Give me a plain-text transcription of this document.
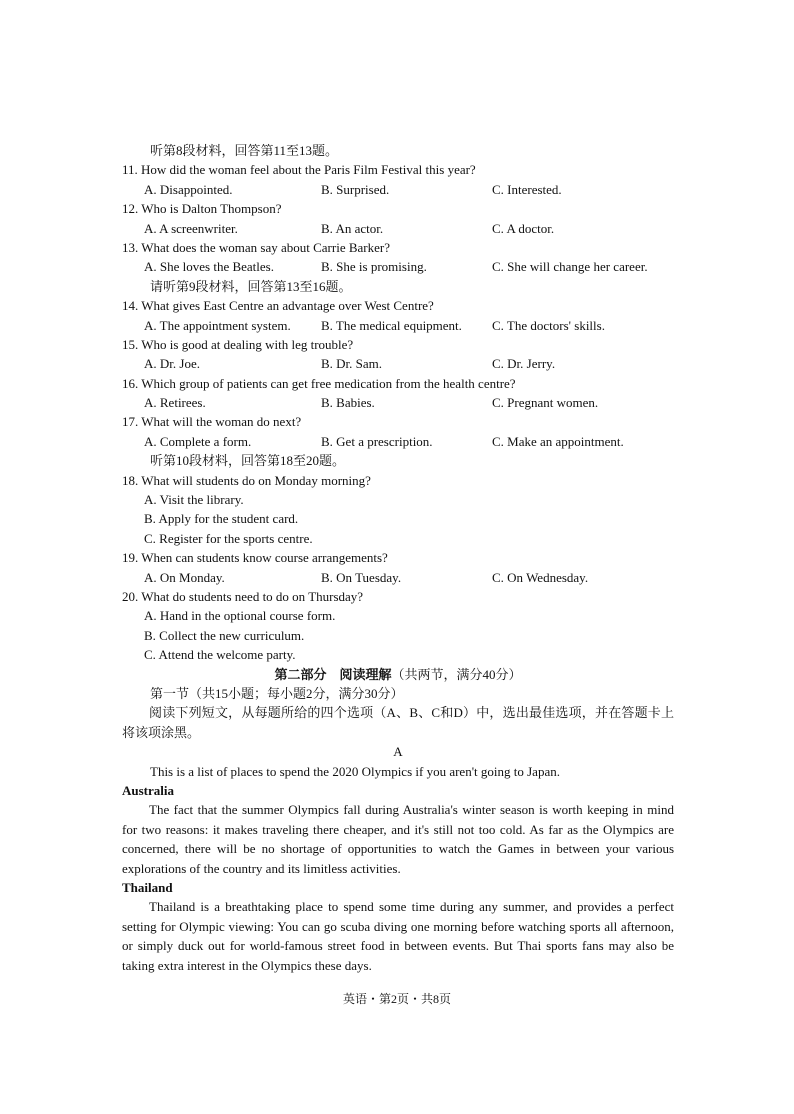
听第8段材料，回答第11至13题。
11. How did the woman feel about the Paris Film Festival this year?
A. Disappointed.	B. Surprised.	C. Interested.
12. Who is Dalton Thompson?
A. A screenwriter.	B. An actor.	C. A doctor.
13. What does the woman say about Carrie Barker?
A. She loves the Beatles.	B. She is promising.	C. She will change her career.
请听第9段材料，回答第13至16题。
14. What gives East Centre an advantage over West Centre?
A. The appointment system.	B. The medical equipment.	C. The doctors' skills.
15. Who is good at dealing with leg trouble?
A. Dr. Joe.	B. Dr. Sam.	C. Dr. Jerry.
16. Which group of patients can get free medication from the health centre?
A. Retirees.	B. Babies.	C. Pregnant women.
17. What will the woman do next?
A. Complete a form.	B. Get a prescription.	C. Make an appointment.
听第10段材料，回答第18至20题。
18. What will students do on Monday morning?
A. Visit the library.
B. Apply for the student card.
C. Register for the sports centre.
19. When can students know course arrangements?
A. On Monday.	B. On Tuesday.	C. On Wednesday.
20. What do students need to do on Thursday?
A. Hand in the optional course form.
B. Collect the new curriculum.
C. Attend the welcome party.
第二部分　阅读理解（共两节，满分40分）
第一节（共15小题；每小题2分，满分30分）

阅读下列短文，从每题所给的四个选项（A、B、C和D）中，选出最佳选项，并在答题卡上将该项涂黑。

A
This is a list of places to spend the 2020 Olympics if you aren't going to Japan.
Australia

The fact that the summer Olympics fall during Australia's winter season is worth keeping in mind for two reasons: it makes traveling there cheaper, and it's still not too cold. As far as the Olympics are concerned, there will be no shortage of opportunities to watch the Games in between your various explorations of the country and its limitless activities.

Thailand

Thailand is a breathtaking place to spend some time during any summer, and provides a perfect setting for Olympic viewing: You can go scuba diving one morning before watching sports all afternoon, or simply duck out for world-famous street food in between events. But Thai sports fans may also be taking extra interest in the Olympics these days.

英语・第2页・共8页
